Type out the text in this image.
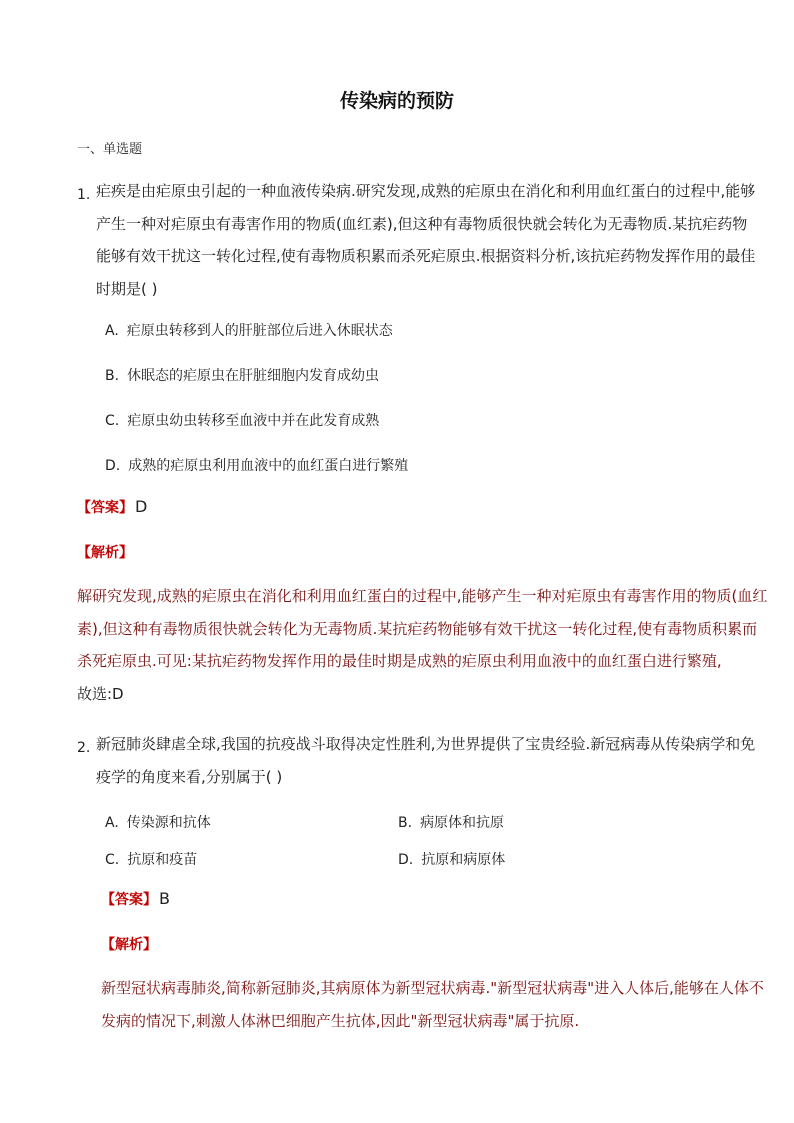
传染病的预防
一、单选题
1. 疟疾是由疟原虫引起的一种血液传染病.研究发现,成熟的疟原虫在消化和利用血红蛋白的过程中,能够
产生一种对疟原虫有毒害作用的物质(血红素),但这种有毒物质很快就会转化为无毒物质.某抗疟药物
能够有效干扰这一转化过程,使有毒物质积累而杀死疟原虫.根据资料分析,该抗疟药物发挥作用的最佳
时期是( )
A. 疟原虫转移到人的肝脏部位后进入休眠状态
B. 休眠态的疟原虫在肝脏细胞内发育成幼虫
C. 疟原虫幼虫转移至血液中并在此发育成熟
D. 成熟的疟原虫利用血液中的血红蛋白进行繁殖
【答案】 D
【解析】
解研究发现,成熟的疟原虫在消化和利用血红蛋白的过程中,能够产生一种对疟原虫有毒害作用的物质(血红
素),但这种有毒物质很快就会转化为无毒物质.某抗疟药物能够有效干扰这一转化过程,使有毒物质积累而
杀死疟原虫.可见:某抗疟药物发挥作用的最佳时期是成熟的疟原虫利用血液中的血红蛋白进行繁殖,
故选:D
2. 新冠肺炎肆虐全球,我国的抗疫战斗取得决定性胜利,为世界提供了宝贵经验.新冠病毒从传染病学和免
疫学的角度来看,分别属于( )
A. 传染源和抗体	B. 病原体和抗原
C. 抗原和疫苗	D. 抗原和病原体
【答案】 B
【解析】
新型冠状病毒肺炎,简称新冠肺炎,其病原体为新型冠状病毒."新型冠状病毒"进入人体后,能够在人体不
发病的情况下,刺激人体淋巴细胞产生抗体,因此"新型冠状病毒"属于抗原.
